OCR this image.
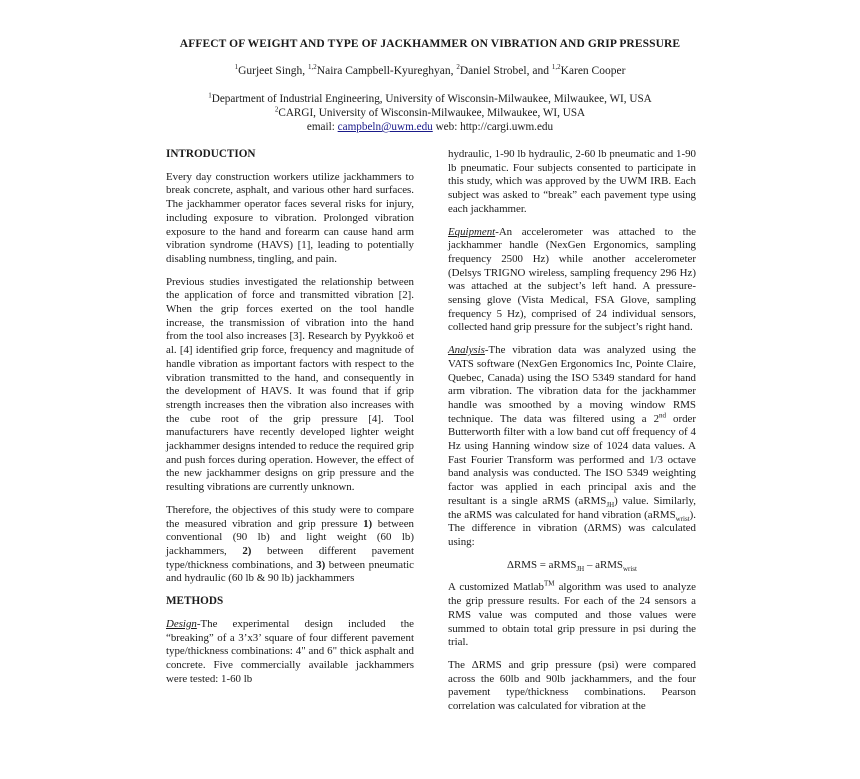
AFFECT OF WEIGHT AND TYPE OF JACKHAMMER ON VIBRATION AND GRIP PRESSURE
$^1$Gurjeet Singh, $^{1,2}$Naira Campbell-Kyureghyan, $^2$Daniel Strobel, and $^{1,2}$Karen Cooper
$^1$Department of Industrial Engineering, University of Wisconsin-Milwaukee, Milwaukee, WI, USA
$^2$CARGI, University of Wisconsin-Milwaukee, Milwaukee, WI, USA
email: campbeln@uwm.edu web: http://cargi.uwm.edu
INTRODUCTION

Every day construction workers utilize jackhammers to break concrete, asphalt, and various other hard surfaces. The jackhammer operator faces several risks for injury, including exposure to vibration. Prolonged vibration exposure to the hand and forearm can cause hand arm vibration syndrome (HAVS) [1], leading to potentially disabling numbness, tingling, and pain.

Previous studies investigated the relationship between the application of force and transmitted vibration [2]. When the grip forces exerted on the tool handle increase, the transmission of vibration into the hand from the tool also increases [3]. Research by Pyykkoö et al. [4] identified grip force, frequency and magnitude of handle vibration as important factors with respect to the vibration transmitted to the hand, and consequently in the development of HAVS. It was found that if grip strength increases then the vibration also increases with the cube root of the grip pressure [4]. Tool manufacturers have recently developed lighter weight jackhammer designs intended to reduce the required grip and push forces during operation. However, the effect of the new jackhammer designs on grip pressure and the resulting vibrations are currently unknown.

Therefore, the objectives of this study were to compare the measured vibration and grip pressure 1) between conventional (90 lb) and light weight (60 lb) jackhammers, 2) between different pavement type/thickness combinations, and 3) between pneumatic and hydraulic (60 lb & 90 lb) jackhammers

METHODS

Design-The experimental design included the “breaking” of a 3’x3’ square of four different pavement type/thickness combinations: 4" and 6" thick asphalt and concrete. Five commercially available jackhammers were tested: 1-60 lb

hydraulic, 1-90 lb hydraulic, 2-60 lb pneumatic and 1-90 lb pneumatic. Four subjects consented to participate in this study, which was approved by the UWM IRB. Each subject was asked to “break” each pavement type using each jackhammer.

Equipment-An accelerometer was attached to the jackhammer handle (NexGen Ergonomics, sampling frequency 2500 Hz) while another accelerometer (Delsys TRIGNO wireless, sampling frequency 296 Hz) was attached at the subject’s left hand. A pressure-sensing glove (Vista Medical, FSA Glove, sampling frequency 5 Hz), comprised of 24 individual sensors, collected hand grip pressure for the subject’s right hand.

Analysis-The vibration data was analyzed using the VATS software (NexGen Ergonomics Inc, Pointe Claire, Quebec, Canada) using the ISO 5349 standard for hand arm vibration. The vibration data for the jackhammer handle was smoothed by a moving window RMS technique. The data was filtered using a 2nd order Butterworth filter with a low band cut off frequency of 4 Hz using Hanning window size of 1024 data values. A Fast Fourier Transform was performed and 1/3 octave band analysis was conducted. The ISO 5349 weighting factor was applied in each principal axis and the resultant is a single aRMS (aRMS$_{JH}$) value. Similarly, the aRMS was calculated for hand vibration (aRMS$_{wrist}$). The difference in vibration (ΔRMS) was calculated using:

ΔRMS = aRMS$_{JH}$ – aRMS$_{wrist}$

A customized Matlab™ algorithm was used to analyze the grip pressure results. For each of the 24 sensors a RMS value was computed and those values were summed to obtain total grip pressure in psi during the trial.

The ΔRMS and grip pressure (psi) were compared across the 60lb and 90lb jackhammers, and the four pavement type/thickness combinations. Pearson correlation was calculated for vibration at the
